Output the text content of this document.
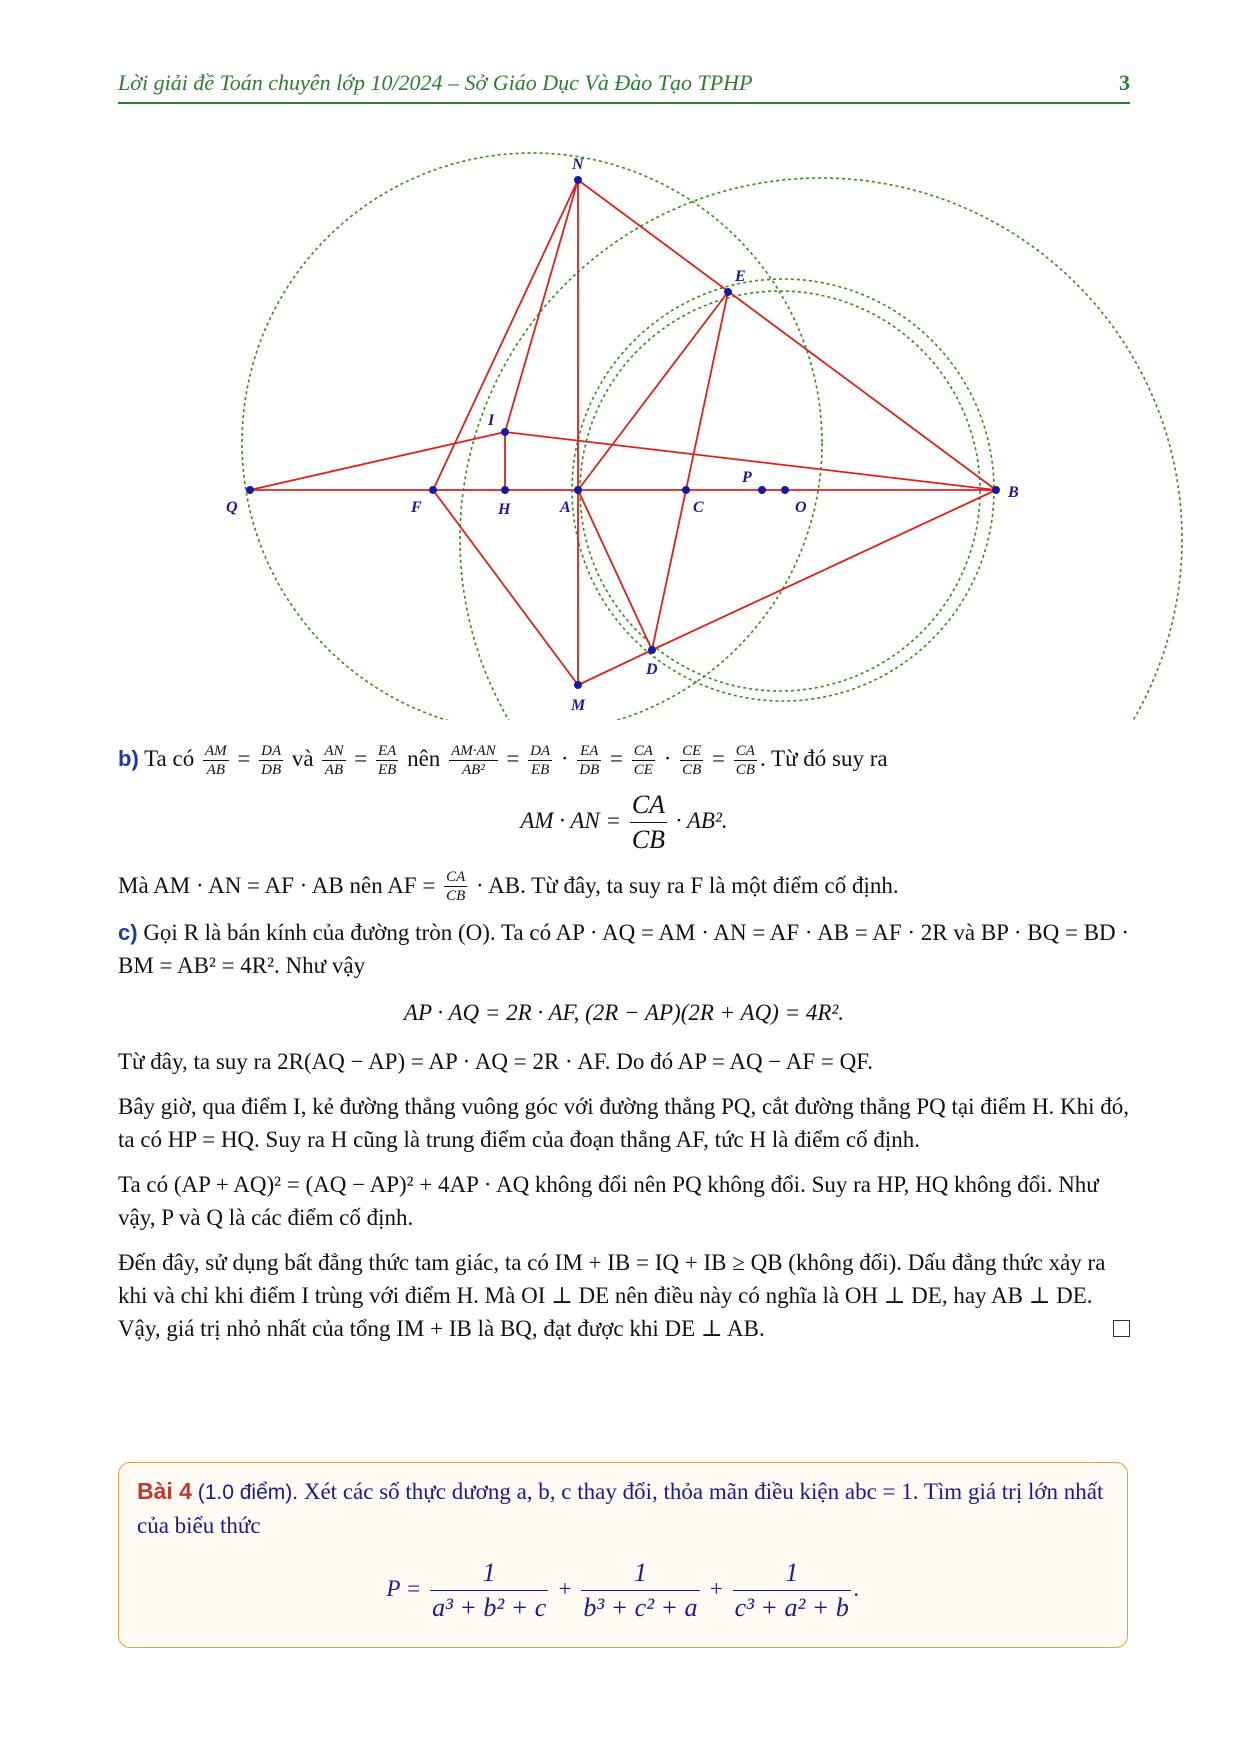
Lời giải đề Toán chuyên lớp 10/2024 – Sở Giáo Dục Và Đào Tạo TPHP	3
N
E
I
P
Q	F	H	A	C	O
B
D
M

b) Ta có $\frac{AM}{AB} = \frac{DA}{DB}$ và $\frac{AN}{AB} = \frac{EA}{EB}$ nên $\frac{AM\cdot AN}{\text{AB²}} = \frac{DA}{EB} \cdot \frac{EA}{DB} = \frac{CA}{CE} \cdot \frac{CE}{CB} = \frac{CA}{CB}$ . Từ đó suy ra

AM · AN = $\frac{CA}{CB} \cdot AB^2$.

Mà AM · AN = AF · AB nên AF = $\frac{CA}{CB}$ · AB. Từ đây, ta suy ra F là một điểm cố định.

c) Gọi R là bán kính của đường tròn (O). Ta có AP · AQ = AM · AN = AF · AB = AF · 2R và BP · BQ = BD · BM = AB² = 4R². Như vậy

AP · AQ = 2R · AF, (2R − AP)(2R + AQ) = 4R².

Từ đây, ta suy ra 2R(AQ − AP) = AP · AQ = 2R · AF. Do đó AP = AQ − AF = QF.

Bây giờ, qua điểm I, kẻ đường thẳng vuông góc với đường thẳng PQ, cắt đường thẳng PQ tại điểm H. Khi đó, ta có HP = HQ. Suy ra H cũng là trung điểm của đoạn thẳng AF, tức H là điểm cố định.

Ta có (AP + AQ)² = (AQ − AP)² + 4AP · AQ không đổi nên PQ không đổi. Suy ra HP, HQ không đổi. Như vậy, P và Q là các điểm cố định.

Đến đây, sử dụng bất đẳng thức tam giác, ta có IM + IB = IQ + IB ≥ QB (không đổi). Dấu đẳng thức xảy ra khi và chỉ khi điểm I trùng với điểm H. Mà OI ⊥ DE nên điều này có nghĩa là OH ⊥ DE, hay AB ⊥ DE. Vậy, giá trị nhỏ nhất của tổng IM + IB là BQ, đạt được khi DE ⊥ AB.

Bài 4 (1.0 điểm). Xét các số thực dương a, b, c thay đổi, thỏa mãn điều kiện abc = 1. Tìm giá trị lớn nhất của biểu thức
$P = \frac{1}{\text{a³ + b² + c}} + \frac{1}{\text{b³ + c² + a}} + \frac{1}{\text{c³ + a² + b}}$ .
